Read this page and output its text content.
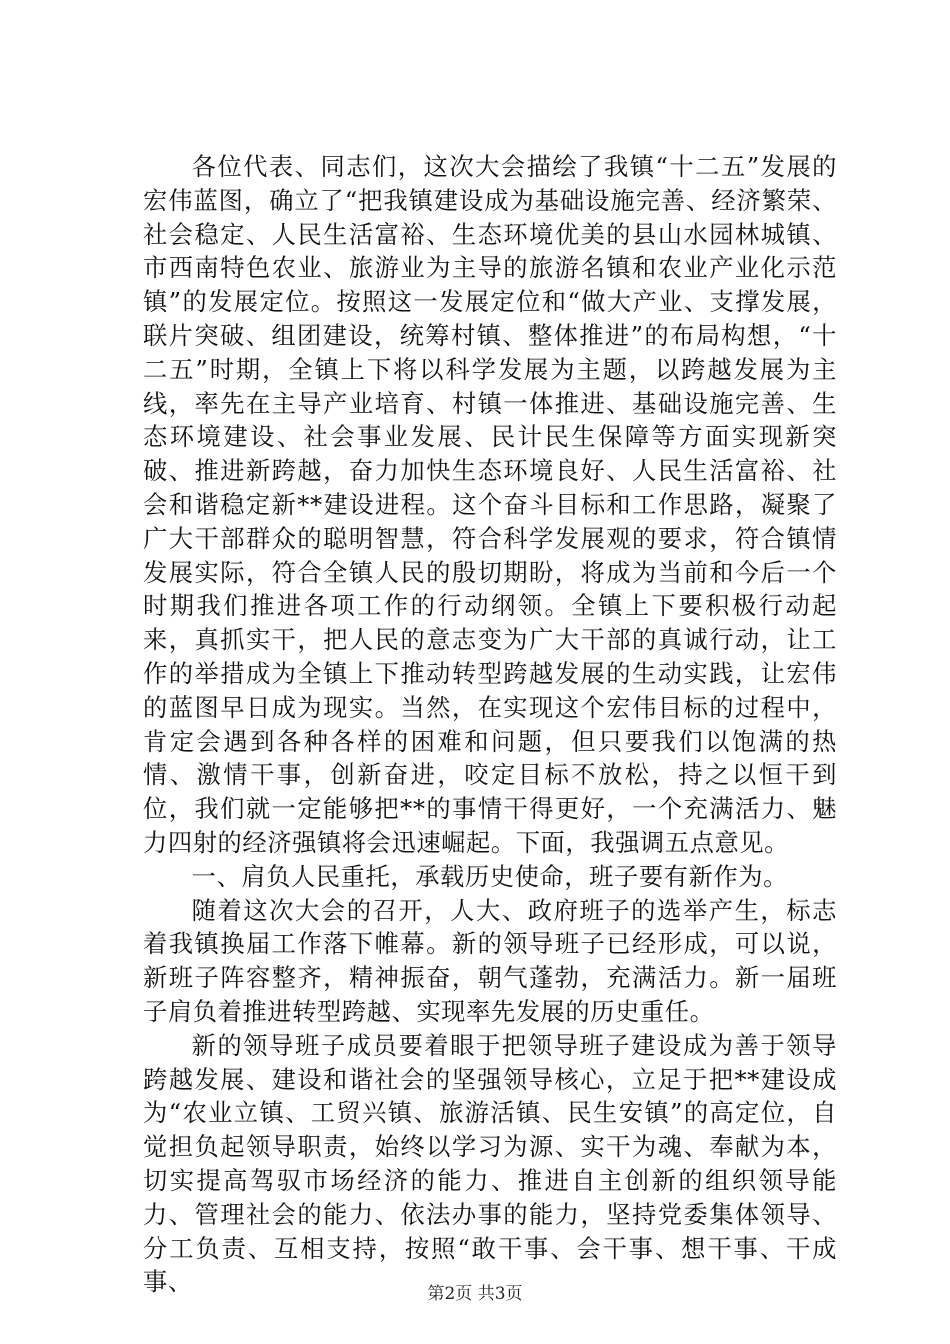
各位代表、同志们，这次大会描绘了我镇“十二五”发展的宏伟蓝图，确立了“把我镇建设成为基础设施完善、经济繁荣、社会稳定、人民生活富裕、生态环境优美的县山水园林城镇、市西南特色农业、旅游业为主导的旅游名镇和农业产业化示范镇”的发展定位。按照这一发展定位和“做大产业、支撑发展，联片突破、组团建设，统筹村镇、整体推进”的布局构想，“十二五”时期，全镇上下将以科学发展为主题，以跨越发展为主线，率先在主导产业培育、村镇一体推进、基础设施完善、生态环境建设、社会事业发展、民计民生保障等方面实现新突破、推进新跨越，奋力加快生态环境良好、人民生活富裕、社会和谐稳定新**建设进程。这个奋斗目标和工作思路，凝聚了广大干部群众的聪明智慧，符合科学发展观的要求，符合镇情发展实际，符合全镇人民的殷切期盼，将成为当前和今后一个时期我们推进各项工作的行动纲领。全镇上下要积极行动起来，真抓实干，把人民的意志变为广大干部的真诚行动，让工作的举措成为全镇上下推动转型跨越发展的生动实践，让宏伟的蓝图早日成为现实。当然，在实现这个宏伟目标的过程中，肯定会遇到各种各样的困难和问题，但只要我们以饱满的热情、激情干事，创新奋进，咬定目标不放松，持之以恒干到位，我们就一定能够把**的事情干得更好，一个充满活力、魅力四射的经济强镇将会迅速崛起。下面，我强调五点意见。

一、肩负人民重托，承载历史使命，班子要有新作为。

随着这次大会的召开，人大、政府班子的选举产生，标志着我镇换届工作落下帷幕。新的领导班子已经形成，可以说，新班子阵容整齐，精神振奋，朝气蓬勃，充满活力。新一届班子肩负着推进转型跨越、实现率先发展的历史重任。

新的领导班子成员要着眼于把领导班子建设成为善于领导跨越发展、建设和谐社会的坚强领导核心，立足于把**建设成为“农业立镇、工贸兴镇、旅游活镇、民生安镇”的高定位，自觉担负起领导职责，始终以学习为源、实干为魂、奉献为本，切实提高驾驭市场经济的能力、推进自主创新的组织领导能力、管理社会的能力、依法办事的能力，坚持党委集体领导、分工负责、互相支持，按照“敢干事、会干事、想干事、干成事、	第2页 共3页
